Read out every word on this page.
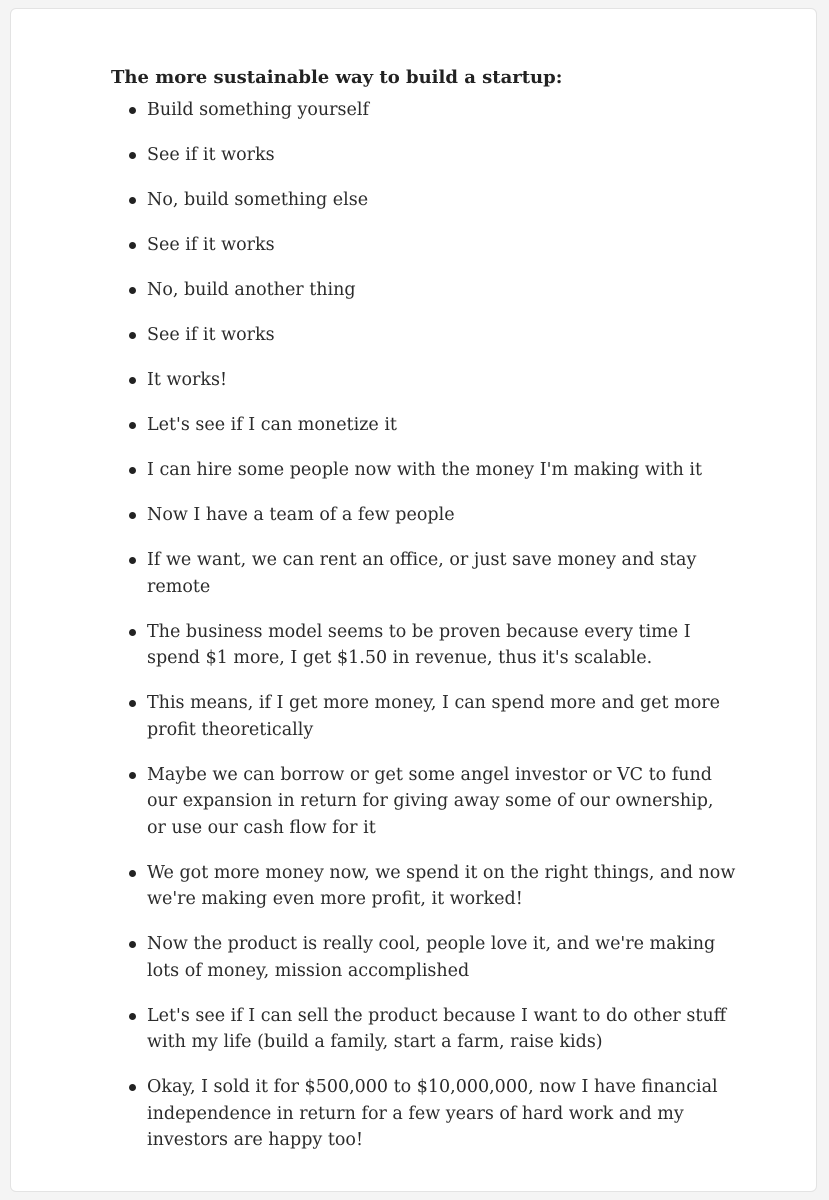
The more sustainable way to build a startup:
Build something yourself
See if it works
No, build something else
See if it works
No, build another thing
See if it works
It works!
Let's see if I can monetize it
I can hire some people now with the money I'm making with it
Now I have a team of a few people
If we want, we can rent an office, or just save money and stay remote
The business model seems to be proven because every time I spend $1 more, I get $1.50 in revenue, thus it's scalable.
This means, if I get more money, I can spend more and get more profit theoretically
Maybe we can borrow or get some angel investor or VC to fund our expansion in return for giving away some of our ownership, or use our cash flow for it
We got more money now, we spend it on the right things, and now we're making even more profit, it worked!
Now the product is really cool, people love it, and we're making lots of money, mission accomplished
Let's see if I can sell the product because I want to do other stuff with my life (build a family, start a farm, raise kids)
Okay, I sold it for $500,000 to $10,000,000, now I have financial independence in return for a few years of hard work and my investors are happy too!
